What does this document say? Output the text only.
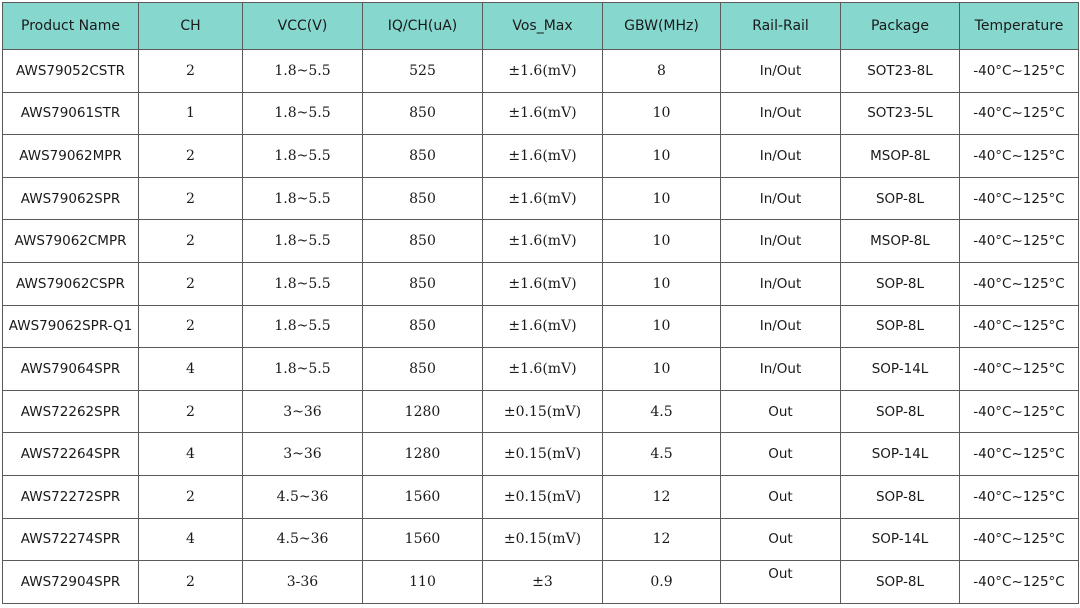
Product Name	CH	VCC(V)	IQ/CH(uA)	Vos_Max	GBW(MHz)	Rail-Rail	Package	Temperature
AWS79052CSTR	2	1.8~5.5	525	±1.6(mV)	8	In/Out	SOT23-8L	-40°C~125°C
AWS79061STR	1	1.8~5.5	850	±1.6(mV)	10	In/Out	SOT23-5L	-40°C~125°C
AWS79062MPR	2	1.8~5.5	850	±1.6(mV)	10	In/Out	MSOP-8L	-40°C~125°C
AWS79062SPR	2	1.8~5.5	850	±1.6(mV)	10	In/Out	SOP-8L	-40°C~125°C
AWS79062CMPR	2	1.8~5.5	850	±1.6(mV)	10	In/Out	MSOP-8L	-40°C~125°C
AWS79062CSPR	2	1.8~5.5	850	±1.6(mV)	10	In/Out	SOP-8L	-40°C~125°C
AWS79062SPR-Q1	2	1.8~5.5	850	±1.6(mV)	10	In/Out	SOP-8L	-40°C~125°C
AWS79064SPR	4	1.8~5.5	850	±1.6(mV)	10	In/Out	SOP-14L	-40°C~125°C
AWS72262SPR	2	3~36	1280	±0.15(mV)	4.5	Out	SOP-8L	-40°C~125°C
AWS72264SPR	4	3~36	1280	±0.15(mV)	4.5	Out	SOP-14L	-40°C~125°C
AWS72272SPR	2	4.5~36	1560	±0.15(mV)	12	Out	SOP-8L	-40°C~125°C
AWS72274SPR	4	4.5~36	1560	±0.15(mV)	12	Out	SOP-14L	-40°C~125°C
AWS72904SPR	2	3-36	110	±3	0.9	Out	SOP-8L	-40°C~125°C
